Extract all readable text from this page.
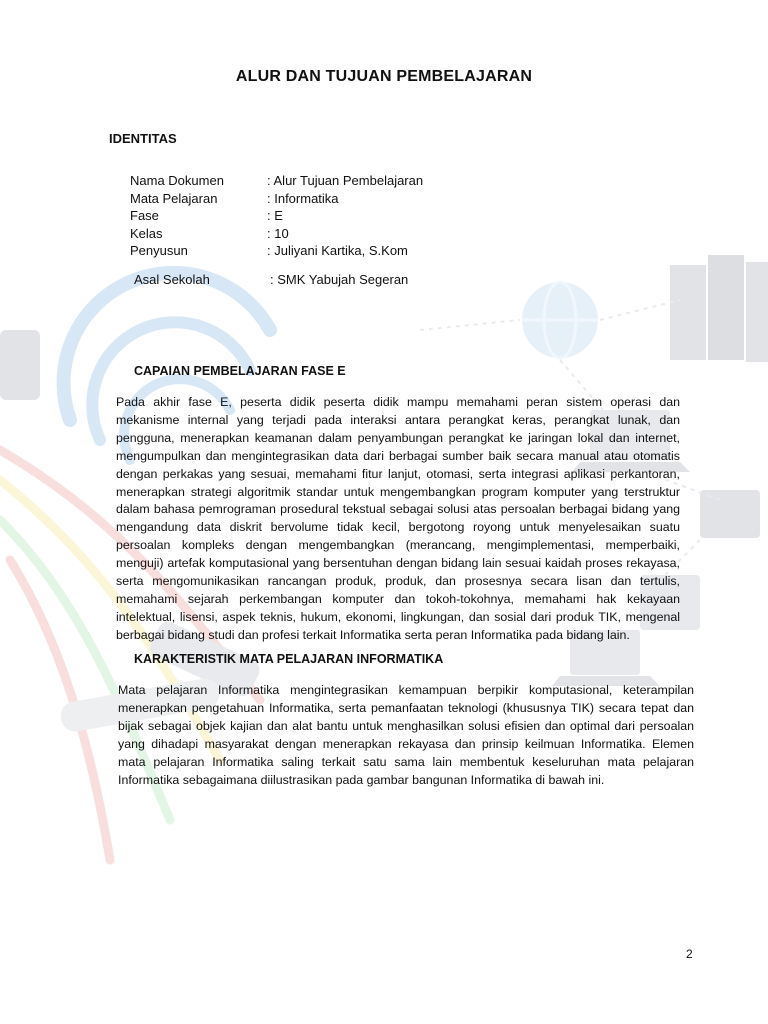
ALUR DAN TUJUAN PEMBELAJARAN
IDENTITAS
Nama Dokumen	: Alur Tujuan Pembelajaran
Mata Pelajaran	: Informatika
Fase	: E
Kelas	: 10
Penyusun	: Juliyani Kartika, S.Kom
Asal Sekolah	: SMK Yabujah Segeran
CAPAIAN PEMBELAJARAN FASE E

Pada akhir fase E, peserta didik peserta didik mampu memahami peran sistem operasi dan mekanisme internal yang terjadi pada interaksi antara perangkat keras, perangkat lunak, dan pengguna, menerapkan keamanan dalam penyambungan perangkat ke jaringan lokal dan internet, mengumpulkan dan mengintegrasikan data dari berbagai sumber baik secara manual atau otomatis dengan perkakas yang sesuai, memahami fitur lanjut, otomasi, serta integrasi aplikasi perkantoran, menerapkan strategi algoritmik standar untuk mengembangkan program komputer yang terstruktur dalam bahasa pemrograman prosedural tekstual sebagai solusi atas persoalan berbagai bidang yang mengandung data diskrit bervolume tidak kecil, bergotong royong untuk menyelesaikan suatu persoalan kompleks dengan mengembangkan (merancang, mengimplementasi, memperbaiki, menguji) artefak komputasional yang bersentuhan dengan bidang lain sesuai kaidah proses rekayasa, serta mengomunikasikan rancangan produk, produk, dan prosesnya secara lisan dan tertulis, memahami sejarah perkembangan komputer dan tokoh-tokohnya, memahami hak kekayaan intelektual, lisensi, aspek teknis, hukum, ekonomi, lingkungan, dan sosial dari produk TIK, mengenal berbagai bidang studi dan profesi terkait Informatika serta peran Informatika pada bidang lain.

KARAKTERISTIK MATA PELAJARAN INFORMATIKA

Mata pelajaran Informatika mengintegrasikan kemampuan berpikir komputasional, keterampilan menerapkan pengetahuan Informatika, serta pemanfaatan teknologi (khususnya TIK) secara tepat dan bijak sebagai objek kajian dan alat bantu untuk menghasilkan solusi efisien dan optimal dari persoalan yang dihadapi masyarakat dengan menerapkan rekayasa dan prinsip keilmuan Informatika. Elemen mata pelajaran Informatika saling terkait satu sama lain membentuk keseluruhan mata pelajaran Informatika sebagaimana diilustrasikan pada gambar bangunan Informatika di bawah ini.

2
